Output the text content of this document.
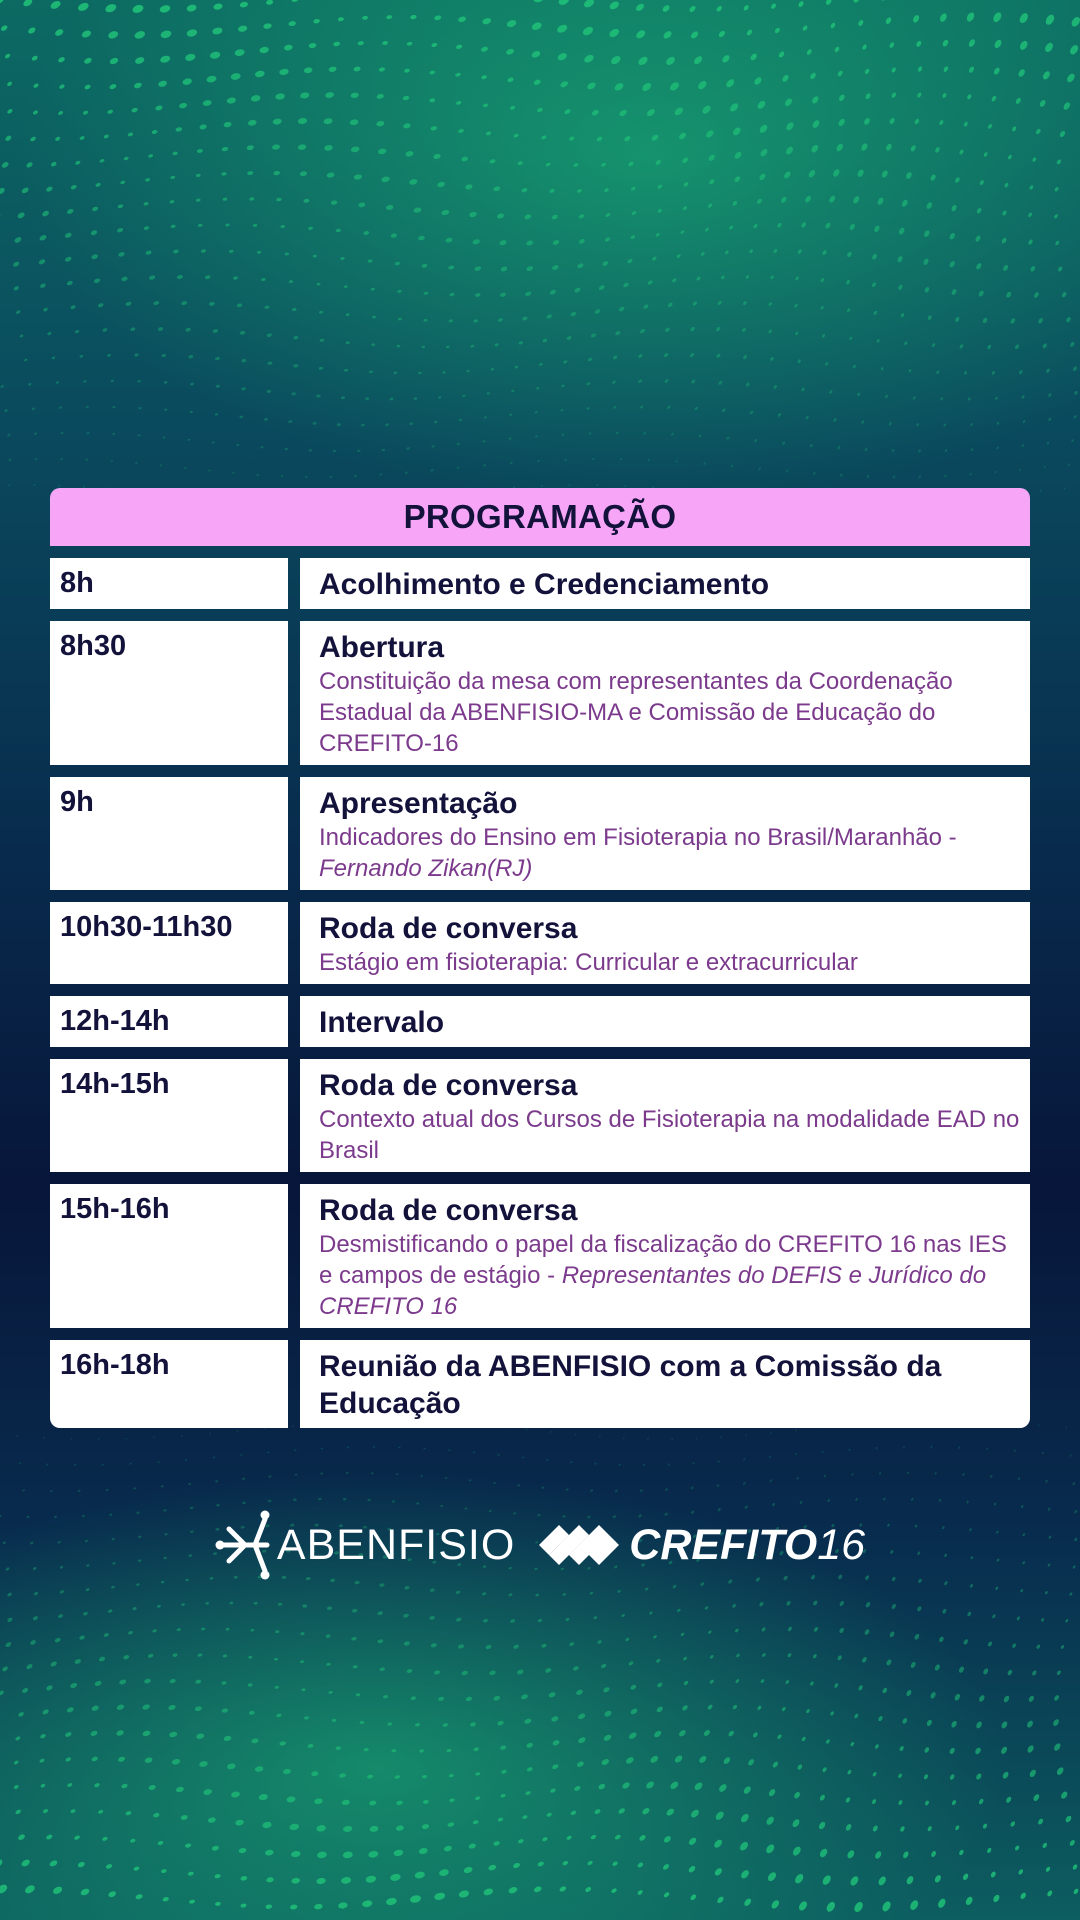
PROGRAMAÇÃO
8h	Acolhimento e Credenciamento
8h30	Abertura
Constituição da mesa com representantes da Coordenação Estadual da ABENFISIO-MA e Comissão de Educação do CREFITO-16
9h	Apresentação
Indicadores do Ensino em Fisioterapia no Brasil/Maranhão - Fernando Zikan(RJ)
10h30-11h30	Roda de conversa
Estágio em fisioterapia: Curricular e extracurricular
12h-14h	Intervalo
14h-15h	Roda de conversa
Contexto atual dos Cursos de Fisioterapia na modalidade EAD no Brasil
15h-16h	Roda de conversa
Desmistificando o papel da fiscalização do CREFITO 16 nas IES e campos de estágio - Representantes do DEFIS e Jurídico do CREFITO 16
16h-18h	Reunião da ABENFISIO com a Comissão da Educação
ABENFISIO	CREFITO16
